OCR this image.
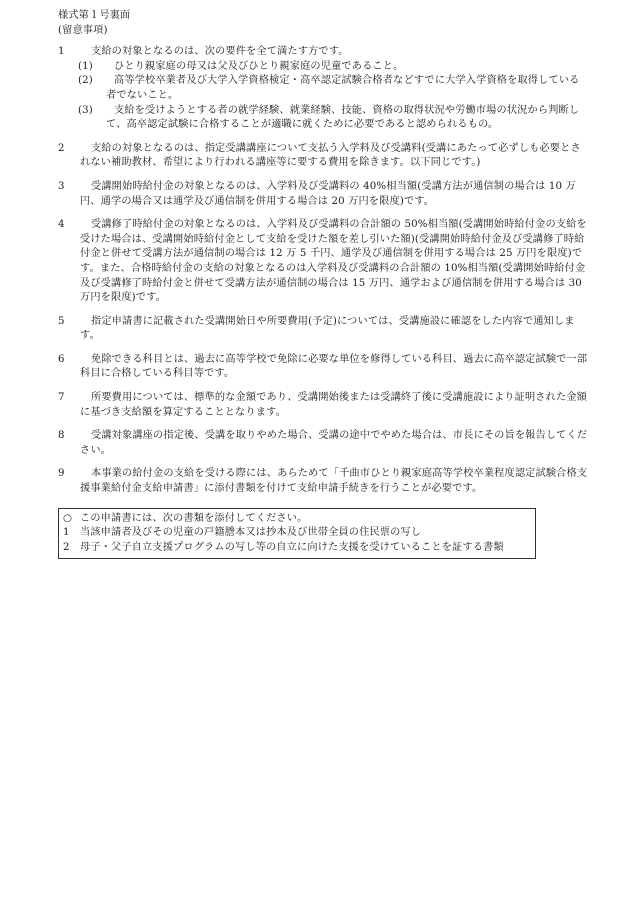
様式第１号裏面

(留意事項)

1	支給の対象となるのは、次の要件を全て満たす方です。
(1)	ひとり親家庭の母又は父及びひとり親家庭の児童であること。
(2)	高等学校卒業者及び大学入学資格検定・高卒認定試験合格者などすでに大学入学資格を取得している者でないこと。
(3)	支給を受けようとする者の就学経験、就業経験、技能、資格の取得状況や労働市場の状況から判断して、高卒認定試験に合格することが適職に就くために必要であると認められるもの。
2	支給の対象となるのは、指定受講講座について支払う入学料及び受講料(受講にあたって必ずしも必要とされない補助教材、希望により行われる講座等に要する費用を除きます。以下同じです。)
3	受講開始時給付金の対象となるのは、入学料及び受講料の 40%相当額(受講方法が通信制の場合は 10 万円、通学の場合又は通学及び通信制を併用する場合は 20 万円を限度)です。
4	受講修了時給付金の対象となるのは、入学料及び受講料の合計額の 50%相当額(受講開始時給付金の支給を受けた場合は、受講開始時給付金として支給を受けた額を差し引いた額)(受講開始時給付金及び受講修了時給付金と併せて受講方法が通信制の場合は 12 万 5 千円、通学及び通信制を併用する場合は 25 万円を限度)です。また、合格時給付金の支給の対象となるのは入学料及び受講料の合計額の 10%相当額(受講開始時給付金及び受講修了時給付金と併せて受講方法が通信制の場合は 15 万円、通学および通信制を併用する場合は 30 万円を限度)です。
5	指定申請書に記載された受講開始日や所要費用(予定)については、受講施設に確認をした内容で通知します。
6	免除できる科目とは、過去に高等学校で免除に必要な単位を修得している科目、過去に高卒認定試験で一部科目に合格している科目等です。
7	所要費用については、標準的な金額であり、受講開始後または受講終了後に受講施設により証明された金額に基づき支給額を算定することとなります。
8	受講対象講座の指定後、受講を取りやめた場合、受講の途中でやめた場合は、市長にその旨を報告してください。
9	本事業の給付金の支給を受ける際には、あらためて「千曲市ひとり親家庭高等学校卒業程度認定試験合格支援事業給付金支給申請書」に添付書類を付けて支給申請手続きを行うことが必要です。

○ この申請書には、次の書類を添付してください。

1 当該申請者及びその児童の戸籍謄本又は抄本及び世帯全員の住民票の写し

2 母子・父子自立支援プログラムの写し等の自立に向けた支援を受けていることを証する書類
